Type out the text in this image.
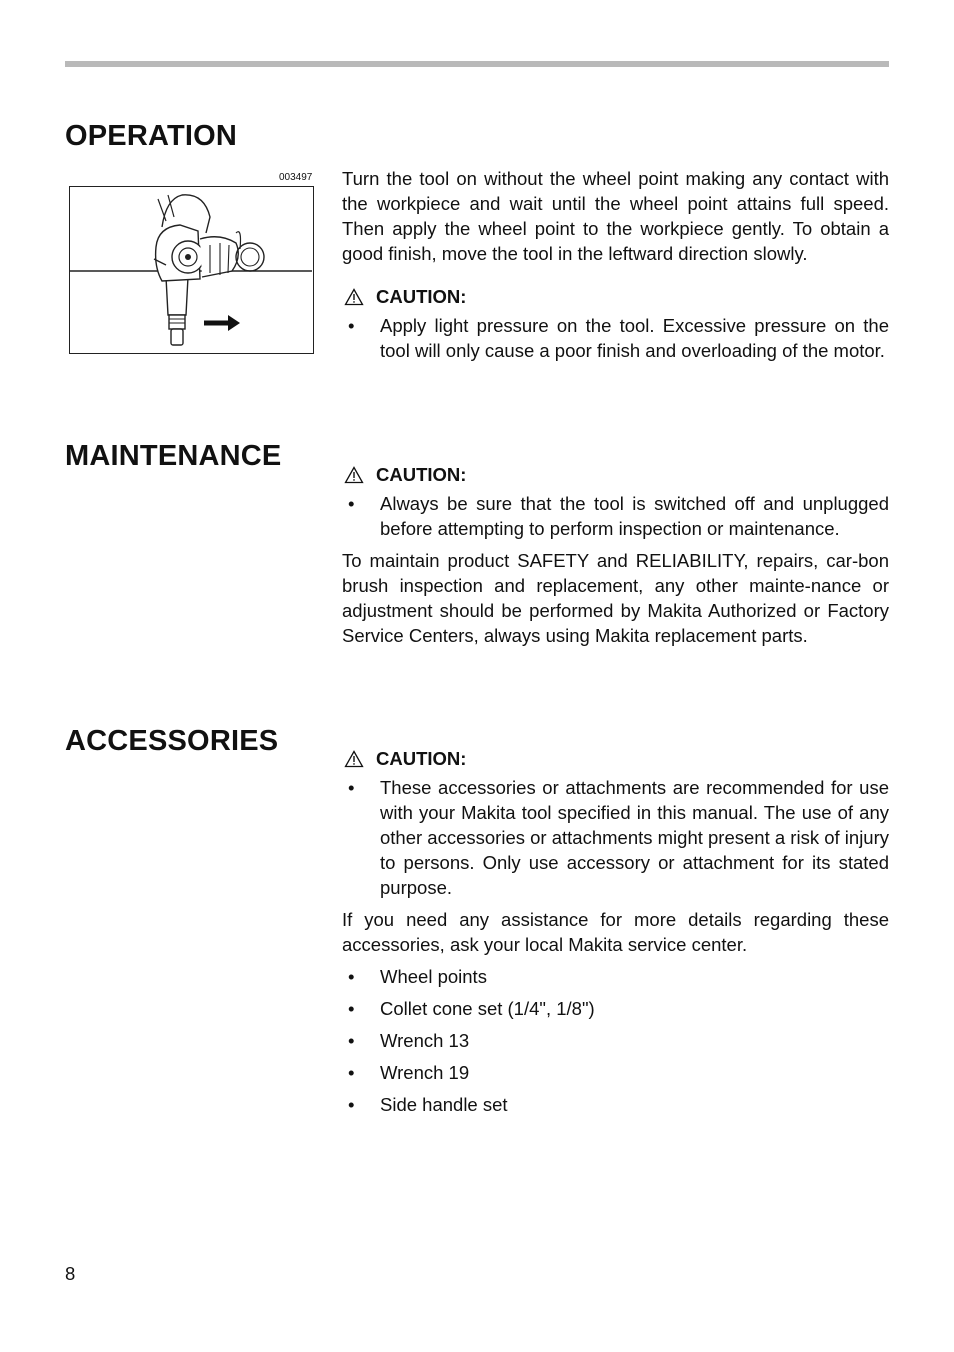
OPERATION
003497 Turn the tool on without the wheel point making any contact with the workpiece and wait until the wheel point attains full speed. Then apply the wheel point to the workpiece gently. To obtain a good finish, move the tool in the leftward direction slowly.

CAUTION:
•	Apply light pressure on the tool. Excessive pressure on the tool will only cause a poor finish and overloading of the motor.
MAINTENANCE
CAUTION:
•	Always be sure that the tool is switched off and unplugged before attempting to perform inspection or maintenance.

To maintain product SAFETY and RELIABILITY, repairs, car-bon brush inspection and replacement, any other mainte-nance or adjustment should be performed by Makita Authorized or Factory Service Centers, always using Makita replacement parts.

ACCESSORIES
CAUTION:
•	These accessories or attachments are recommended for use with your Makita tool specified in this manual. The use of any other accessories or attachments might present a risk of injury to persons. Only use accessory or attachment for its stated purpose.

If you need any assistance for more details regarding these accessories, ask your local Makita service center.

•	Wheel points
•	Collet cone set (1/4", 1/8")
•	Wrench 13
•	Wrench 19
•	Side handle set
8
